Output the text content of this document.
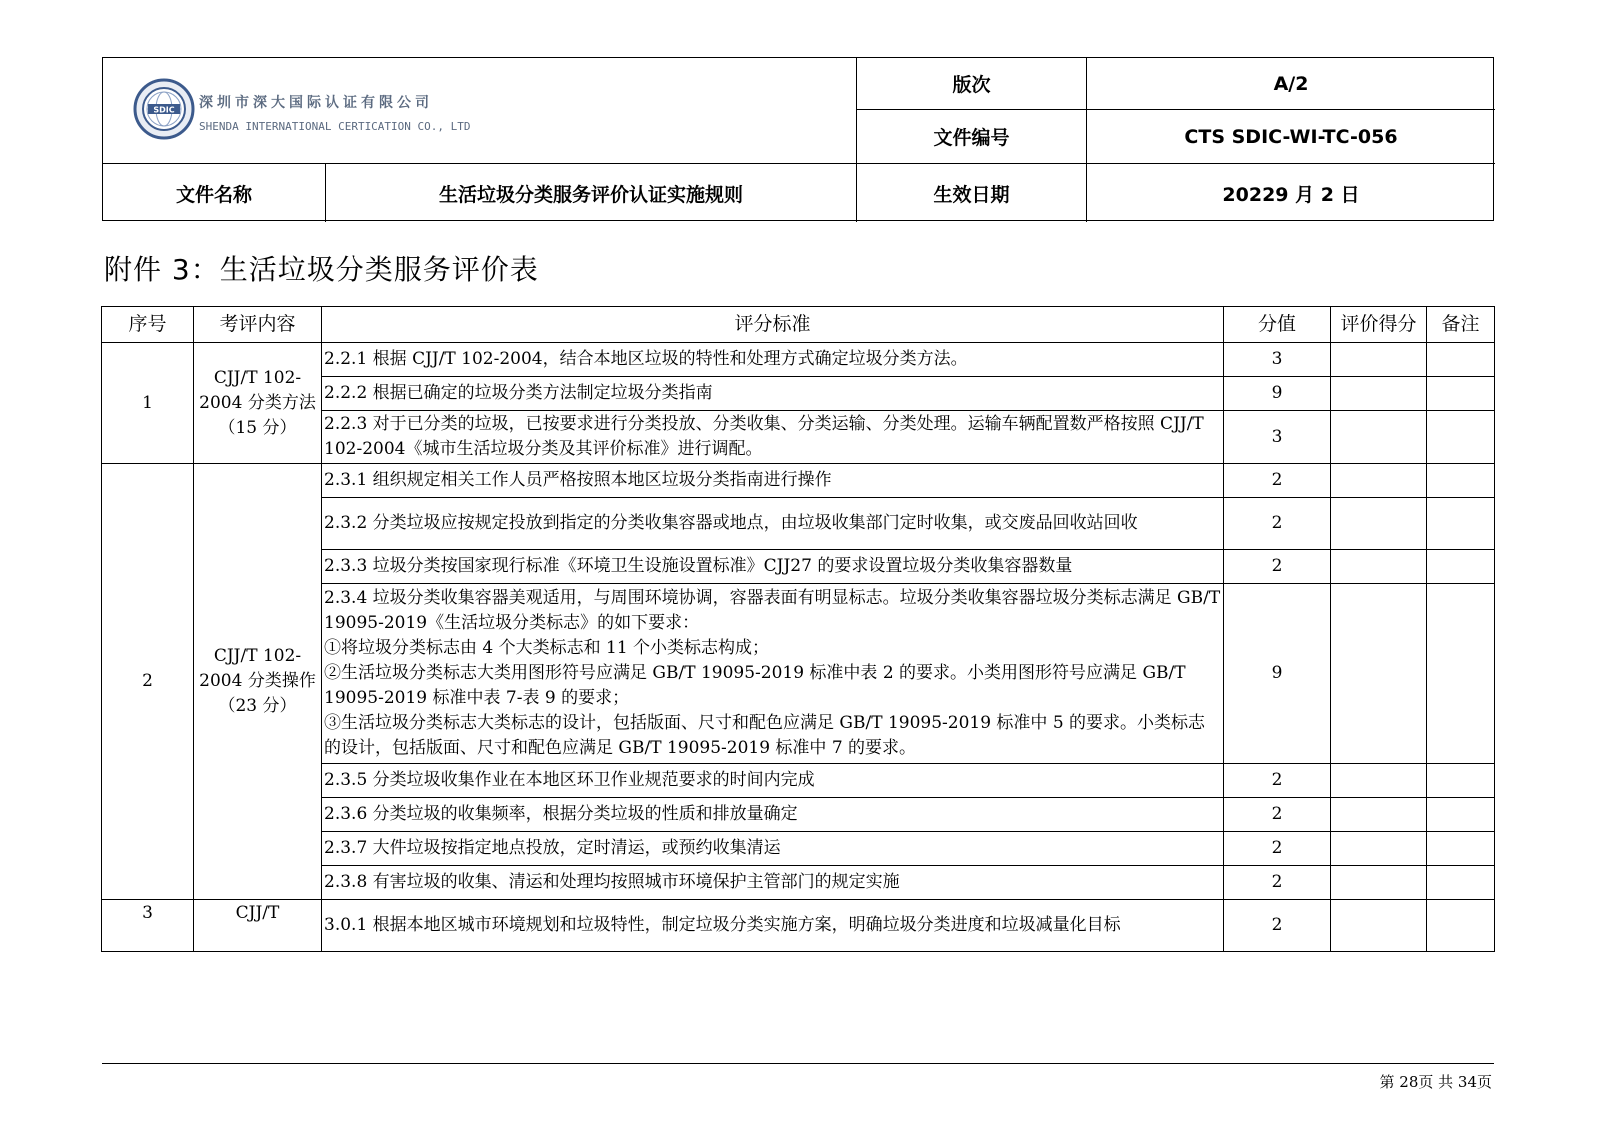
SDIC 深圳市深大国际认证有限公司
SHENDA INTERNATIONAL CERTICATION CO., LTD
版次	A/2
文件编号	CTS SDIC-WI-TC-056
文件名称	生活垃圾分类服务评价认证实施规则	生效日期	20229 月 2 日
附件 3：生活垃圾分类服务评价表
序号	考评内容	评分标准	分值	评价得分	备注
1	CJJ/T 102-2004 分类方法（15 分）	2.2.1 根据 CJJ/T 102-2004，结合本地区垃圾的特性和处理方式确定垃圾分类方法。	3		
		2.2.2 根据已确定的垃圾分类方法制定垃圾分类指南	9		
		2.2.3 对于已分类的垃圾，已按要求进行分类投放、分类收集、分类运输、分类处理。运输车辆配置数严格按照 CJJ/T 102-2004《城市生活垃圾分类及其评价标准》进行调配。	3		
2	CJJ/T 102-2004 分类操作（23 分）	2.3.1 组织规定相关工作人员严格按照本地区垃圾分类指南进行操作	2		
		2.3.2 分类垃圾应按规定投放到指定的分类收集容器或地点，由垃圾收集部门定时收集，或交废品回收站回收	2		
		2.3.3 垃圾分类按国家现行标准《环境卫生设施设置标准》CJJ27 的要求设置垃圾分类收集容器数量	2		
		2.3.4 垃圾分类收集容器美观适用，与周围环境协调，容器表面有明显标志。垃圾分类收集容器垃圾分类标志满足 GB/T 19095-2019《生活垃圾分类标志》的如下要求：
①将垃圾分类标志由 4 个大类标志和 11 个小类标志构成；
②生活垃圾分类标志大类用图形符号应满足 GB/T 19095-2019 标准中表 2 的要求。小类用图形符号应满足 GB/T 19095-2019 标准中表 7-表 9 的要求；
③生活垃圾分类标志大类标志的设计，包括版面、尺寸和配色应满足 GB/T 19095-2019 标准中 5 的要求。小类标志的设计，包括版面、尺寸和配色应满足 GB/T 19095-2019 标准中 7 的要求。	9		
		2.3.5 分类垃圾收集作业在本地区环卫作业规范要求的时间内完成	2		
		2.3.6 分类垃圾的收集频率，根据分类垃圾的性质和排放量确定	2		
		2.3.7 大件垃圾按指定地点投放，定时清运，或预约收集清运	2		
		2.3.8 有害垃圾的收集、清运和处理均按照城市环境保护主管部门的规定实施	2		
3	CJJ/T	3.0.1 根据本地区城市环境规划和垃圾特性，制定垃圾分类实施方案，明确垃圾分类进度和垃圾减量化目标	2		
第 28页 共 34页
